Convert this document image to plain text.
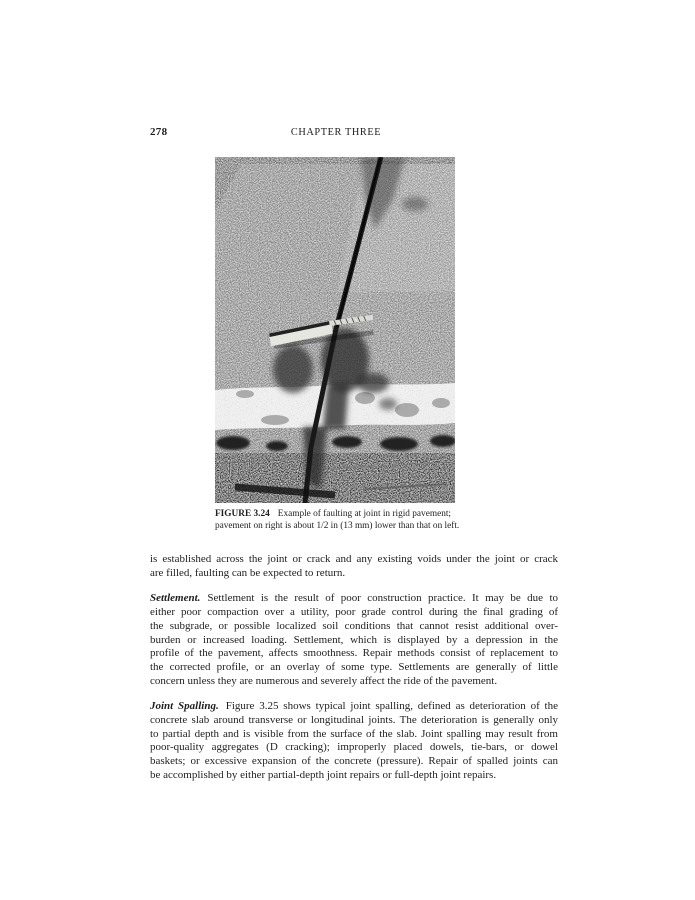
278	CHAPTER THREE
FIGURE 3.24 Example of faulting at joint in rigid pavement;
pavement on right is about 1/2 in (13 mm) lower than that on left.
is established across the joint or crack and any existing voids under the joint or crack
are filled, faulting can be expected to return.
Settlement. Settlement is the result of poor construction practice. It may be due to
either poor compaction over a utility, poor grade control during the final grading of
the subgrade, or possible localized soil conditions that cannot resist additional over-
burden or increased loading. Settlement, which is displayed by a depression in the
profile of the pavement, affects smoothness. Repair methods consist of replacement to
the corrected profile, or an overlay of some type. Settlements are generally of little
concern unless they are numerous and severely affect the ride of the pavement.
Joint Spalling. Figure 3.25 shows typical joint spalling, defined as deterioration of the
concrete slab around transverse or longitudinal joints. The deterioration is generally only
to partial depth and is visible from the surface of the slab. Joint spalling may result from
poor-quality aggregates (D cracking); improperly placed dowels, tie-bars, or dowel
baskets; or excessive expansion of the concrete (pressure). Repair of spalled joints can
be accomplished by either partial-depth joint repairs or full-depth joint repairs.
